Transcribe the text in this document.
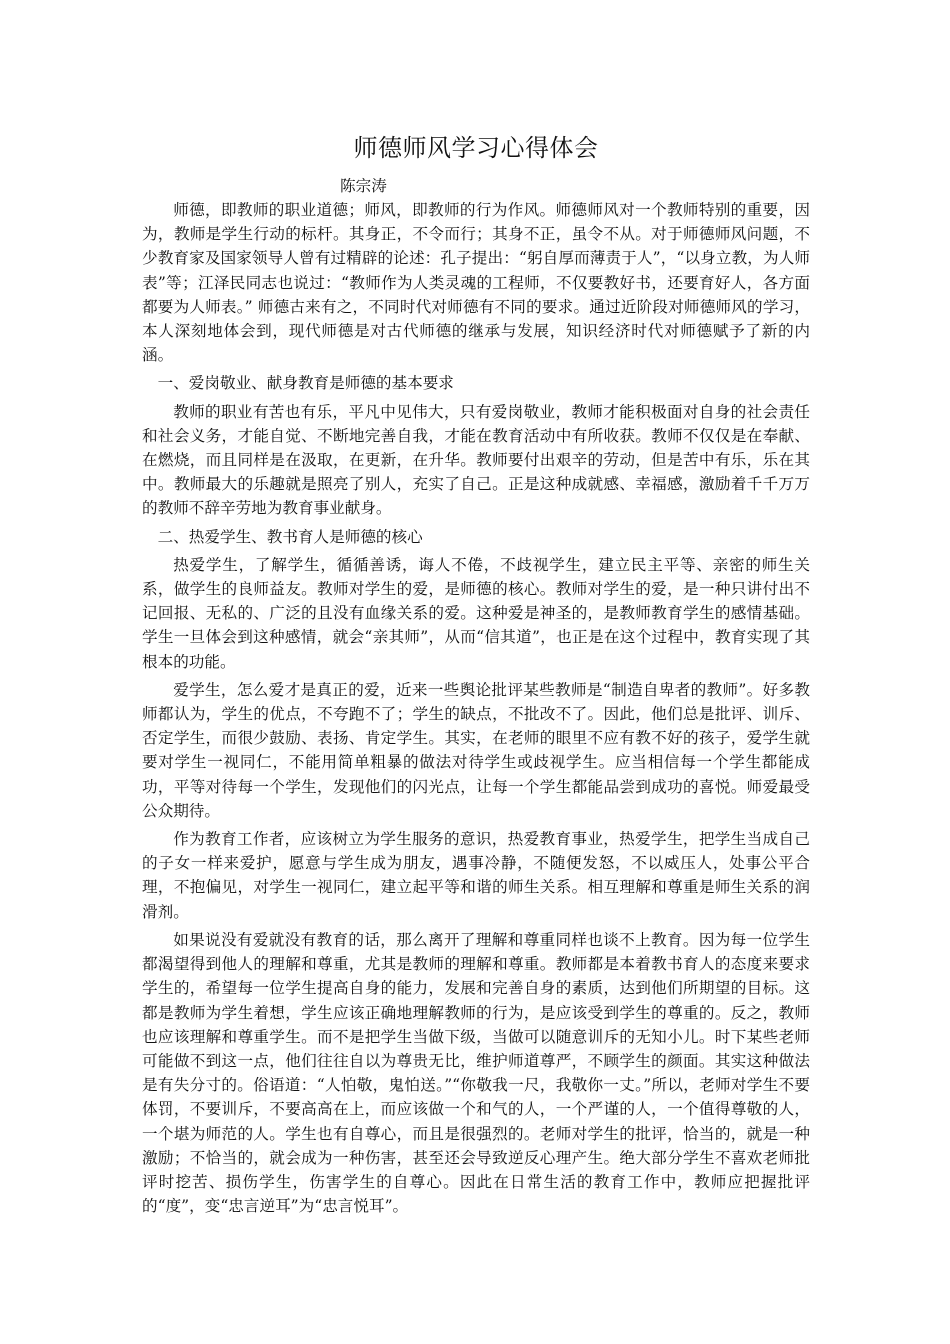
师德师风学习心得体会
陈宗涛

师德，即教师的职业道德；师风，即教师的行为作风。师德师风对一个教师特别的重要，因为，教师是学生行动的标杆。其身正，不令而行；其身不正，虽令不从。对于师德师风问题，不少教育家及国家领导人曾有过精辟的论述：孔子提出：“躬自厚而薄责于人”，“以身立教，为人师表”等；江泽民同志也说过：“教师作为人类灵魂的工程师，不仅要教好书，还要育好人，各方面都要为人师表。” 师德古来有之，不同时代对师德有不同的要求。通过近阶段对师德师风的学习，本人深刻地体会到，现代师德是对古代师德的继承与发展，知识经济时代对师德赋予了新的内涵。

一、爱岗敬业、献身教育是师德的基本要求

教师的职业有苦也有乐，平凡中见伟大，只有爱岗敬业，教师才能积极面对自身的社会责任和社会义务，才能自觉、不断地完善自我，才能在教育活动中有所收获。教师不仅仅是在奉献、在燃烧，而且同样是在汲取，在更新，在升华。教师要付出艰辛的劳动，但是苦中有乐，乐在其中。教师最大的乐趣就是照亮了别人，充实了自己。正是这种成就感、幸福感，激励着千千万万的教师不辞辛劳地为教育事业献身。

二、热爱学生、教书育人是师德的核心

热爱学生，了解学生，循循善诱，诲人不倦，不歧视学生，建立民主平等、亲密的师生关系，做学生的良师益友。教师对学生的爱，是师德的核心。教师对学生的爱，是一种只讲付出不记回报、无私的、广泛的且没有血缘关系的爱。这种爱是神圣的，是教师教育学生的感情基础。学生一旦体会到这种感情，就会“亲其师”，从而“信其道”，也正是在这个过程中，教育实现了其根本的功能。

爱学生，怎么爱才是真正的爱，近来一些舆论批评某些教师是“制造自卑者的教师”。好多教师都认为，学生的优点，不夸跑不了；学生的缺点，不批改不了。因此，他们总是批评、训斥、否定学生，而很少鼓励、表扬、肯定学生。其实，在老师的眼里不应有教不好的孩子，爱学生就要对学生一视同仁，不能用简单粗暴的做法对待学生或歧视学生。应当相信每一个学生都能成功，平等对待每一个学生，发现他们的闪光点，让每一个学生都能品尝到成功的喜悦。师爱最受公众期待。

作为教育工作者，应该树立为学生服务的意识，热爱教育事业，热爱学生，把学生当成自己的子女一样来爱护，愿意与学生成为朋友，遇事冷静，不随便发怒，不以威压人，处事公平合理，不抱偏见，对学生一视同仁，建立起平等和谐的师生关系。相互理解和尊重是师生关系的润滑剂。

如果说没有爱就没有教育的话，那么离开了理解和尊重同样也谈不上教育。因为每一位学生都渴望得到他人的理解和尊重，尤其是教师的理解和尊重。教师都是本着教书育人的态度来要求学生的，希望每一位学生提高自身的能力，发展和完善自身的素质，达到他们所期望的目标。这都是教师为学生着想，学生应该正确地理解教师的行为，是应该受到学生的尊重的。反之，教师也应该理解和尊重学生。而不是把学生当做下级，当做可以随意训斥的无知小儿。时下某些老师可能做不到这一点，他们往往自以为尊贵无比，维护师道尊严，不顾学生的颜面。其实这种做法是有失分寸的。俗语道：“人怕敬，鬼怕送。”“你敬我一尺，我敬你一丈。”所以，老师对学生不要体罚，不要训斥，不要高高在上，而应该做一个和气的人，一个严谨的人，一个值得尊敬的人，一个堪为师范的人。学生也有自尊心，而且是很强烈的。老师对学生的批评，恰当的，就是一种激励；不恰当的，就会成为一种伤害，甚至还会导致逆反心理产生。绝大部分学生不喜欢老师批评时挖苦、损伤学生，伤害学生的自尊心。因此在日常生活的教育工作中，教师应把握批评的“度”，变“忠言逆耳”为“忠言悦耳”。
